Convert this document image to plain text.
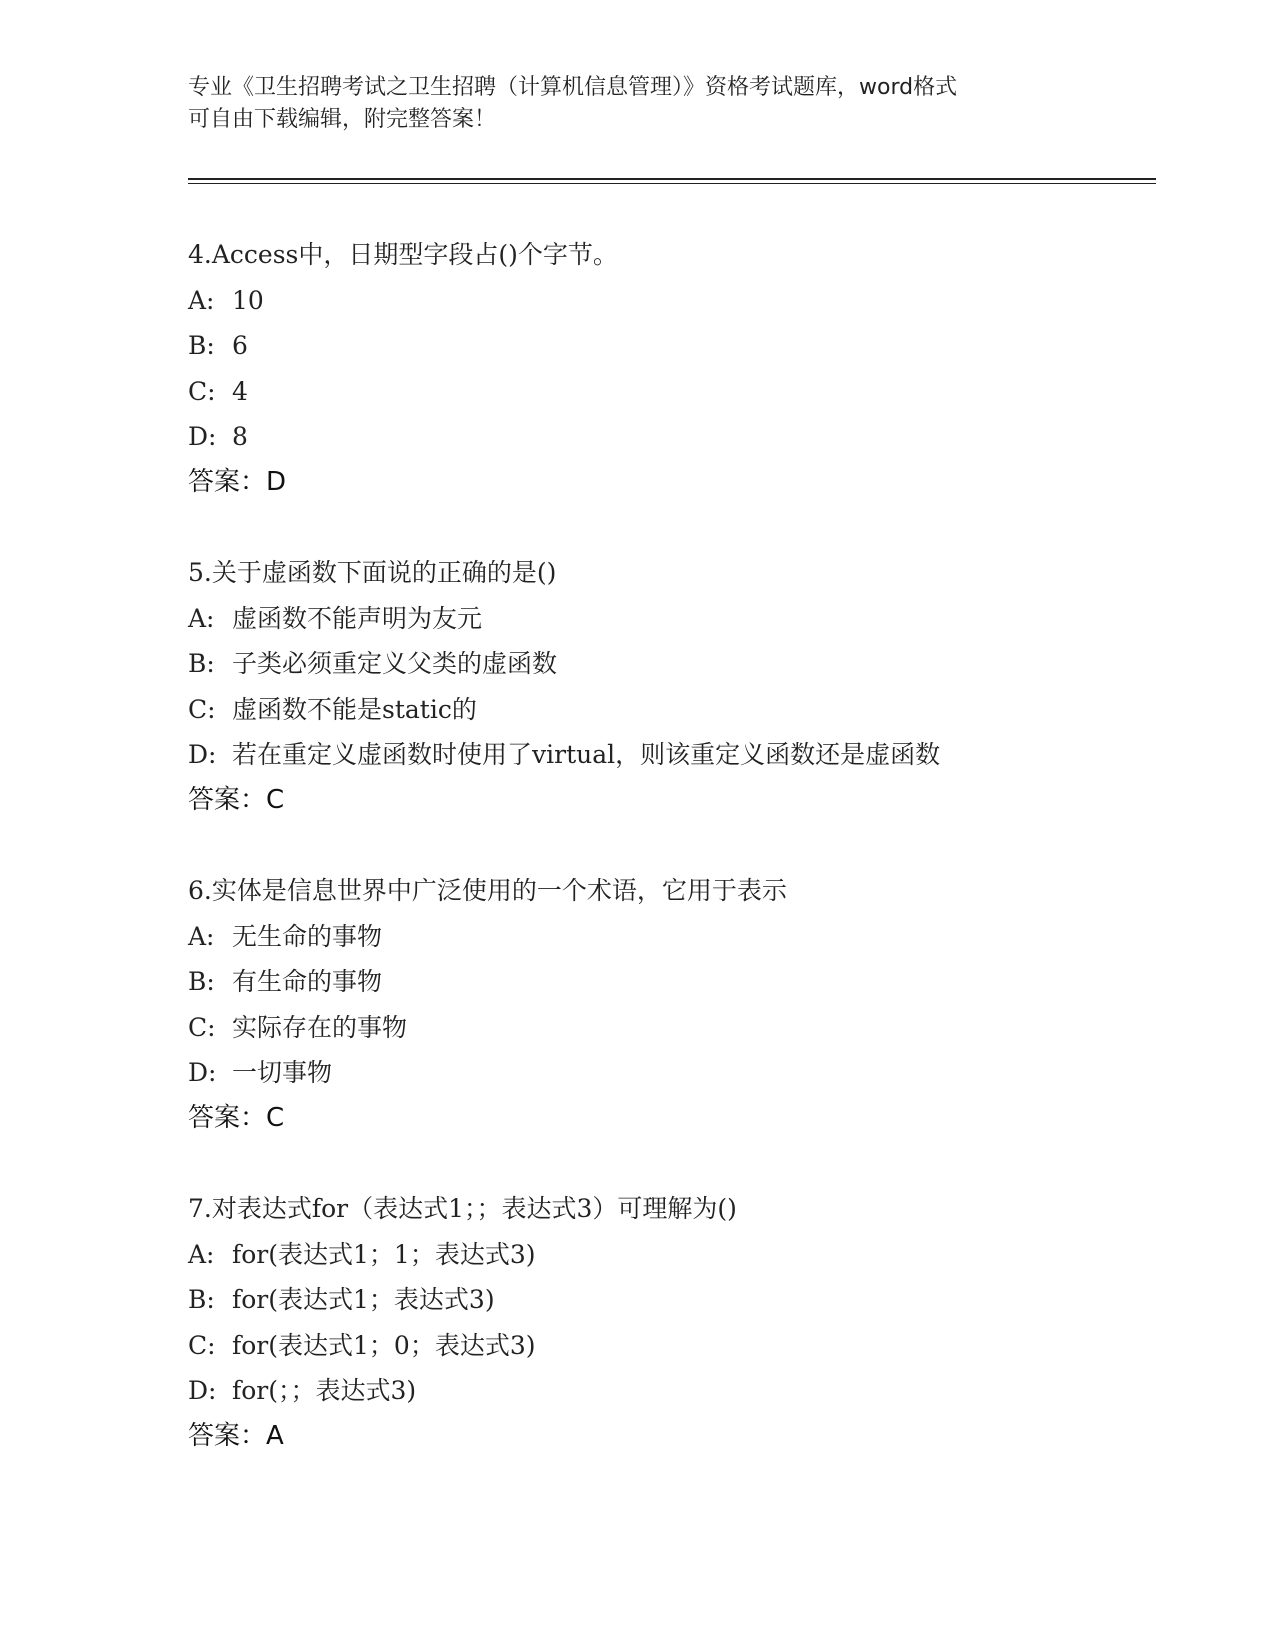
专业《卫生招聘考试之卫生招聘（计算机信息管理）》资格考试题库，word格式
可自由下载编辑，附完整答案！
4.Access中，日期型字段占()个字节。
A: 10
B: 6
C: 4
D: 8
答案：D
5.关于虚函数下面说的正确的是()
A: 虚函数不能声明为友元
B: 子类必须重定义父类的虚函数
C: 虚函数不能是static的
D: 若在重定义虚函数时使用了virtual，则该重定义函数还是虚函数
答案：C
6.实体是信息世界中广泛使用的一个术语，它用于表示
A: 无生命的事物
B: 有生命的事物
C: 实际存在的事物
D: 一切事物
答案：C
7.对表达式for（表达式1；；表达式3）可理解为()
A: for(表达式1；1；表达式3)
B: for(表达式1；表达式3)
C: for(表达式1；0；表达式3)
D: for(；；表达式3)
答案：A
